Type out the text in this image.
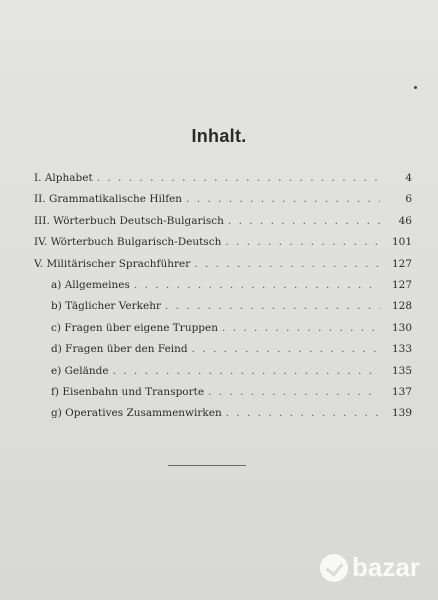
Inhalt.
I. Alphabet . . .	4
II. Grammatikalische Hilfen . . .	6
III. Wörterbuch Deutsch-Bulgarisch . . .	46
IV. Wörterbuch Bulgarisch-Deutsch . . .	101
V. Militärischer Sprachführer . . .	127
a) Allgemeines . . .	127
b) Täglicher Verkehr . . .	128
c) Fragen über eigene Truppen . . .	130
d) Fragen über den Feind . . .	133
e) Gelände . . .	135
f) Eisenbahn und Transporte . . .	137
g) Operatives Zusammenwirken . . .	139
bazar
